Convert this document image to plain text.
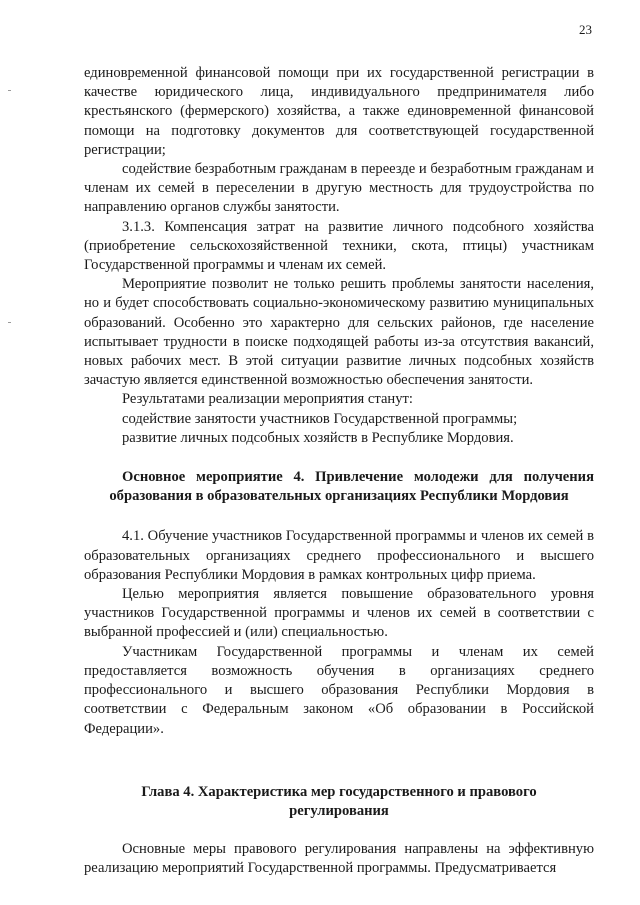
23
единовременной финансовой помощи при их государственной регистрации в качестве юридического лица, индивидуального предпринимателя либо крестьянского (фермерского) хозяйства, а также единовременной финансовой помощи на подготовку документов для соответствующей государственной регистрации;
содействие безработным гражданам в переезде и безработным гражданам и членам их семей в переселении в другую местность для трудоустройства по направлению органов службы занятости.
3.1.3. Компенсация затрат на развитие личного подсобного хозяйства (приобретение сельскохозяйственной техники, скота, птицы) участникам Государственной программы и членам их семей.
Мероприятие позволит не только решить проблемы занятости населения, но и будет способствовать социально-экономическому развитию муниципальных образований. Особенно это характерно для сельских районов, где население испытывает трудности в поиске подходящей работы из-за отсутствия вакансий, новых рабочих мест. В этой ситуации развитие личных подсобных хозяйств зачастую является единственной возможностью обеспечения занятости.
Результатами реализации мероприятия станут:
содействие занятости участников Государственной программы;
развитие личных подсобных хозяйств в Республике Мордовия.
Основное мероприятие 4. Привлечение молодежи для получения образования в образовательных организациях Республики Мордовия
4.1. Обучение участников Государственной программы и членов их семей в образовательных организациях среднего профессионального и высшего образования Республики Мордовия в рамках контрольных цифр приема.
Целью мероприятия является повышение образовательного уровня участников Государственной программы и членов их семей в соответствии с выбранной профессией и (или) специальностью.
Участникам Государственной программы и членам их семей предоставляется возможность обучения в организациях среднего профессионального и высшего образования Республики Мордовия в соответствии с Федеральным законом «Об образовании в Российской Федерации».
Глава 4. Характеристика мер государственного и правового регулирования
Основные меры правового регулирования направлены на эффективную реализацию мероприятий Государственной программы. Предусматривается
